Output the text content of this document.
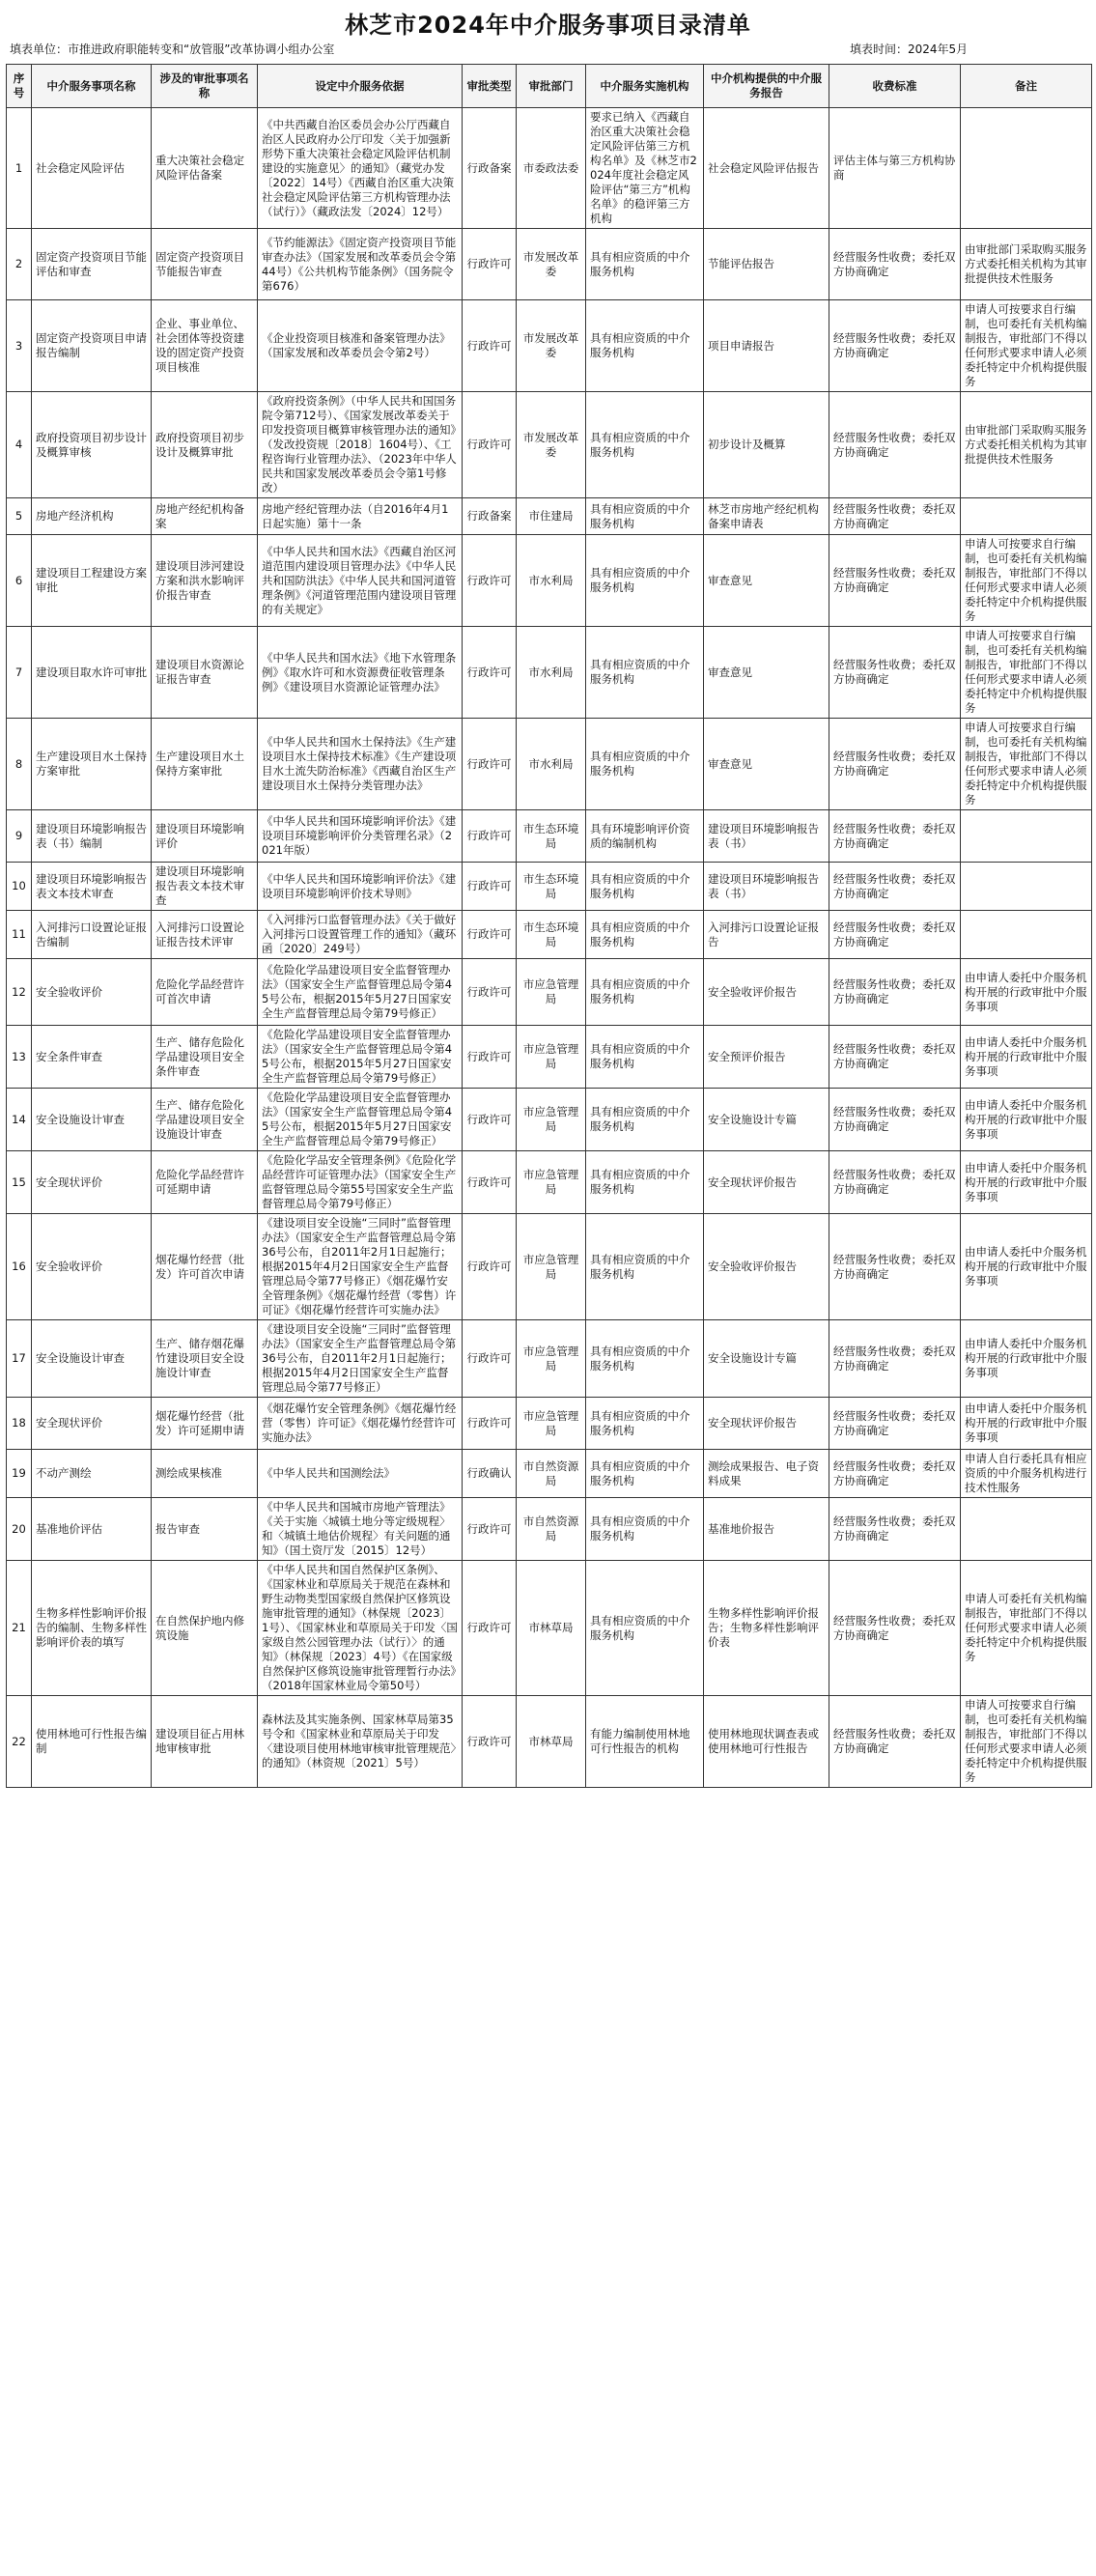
林芝市2024年中介服务事项目录清单
填表单位：市推进政府职能转变和“放管服”改革协调小组办公室	填表时间：2024年5月
序号	中介服务事项名称	涉及的审批事项名称	设定中介服务依据	审批类型	审批部门	中介服务实施机构	中介机构提供的中介服务报告	收费标准	备注
1	社会稳定风险评估	重大决策社会稳定风险评估备案	《中共西藏自治区委员会办公厅西藏自治区人民政府办公厅印发〈关于加强新形势下重大决策社会稳定风险评估机制建设的实施意见〉的通知》（藏党办发〔2022〕14号）《西藏自治区重大决策社会稳定风险评估第三方机构管理办法（试行）》（藏政法发〔2024〕12号）	行政备案	市委政法委	要求已纳入《西藏自治区重大决策社会稳定风险评估第三方机构名单》及《林芝市2024年度社会稳定风险评估“第三方”机构名单》的稳评第三方机构	社会稳定风险评估报告	评估主体与第三方机构协商	
2	固定资产投资项目节能评估和审查	固定资产投资项目节能报告审查	《节约能源法》《固定资产投资项目节能审查办法》（国家发展和改革委员会令第44号）《公共机构节能条例》（国务院令第676）	行政许可	市发展改革委	具有相应资质的中介服务机构	节能评估报告	经营服务性收费；委托双方协商确定	由审批部门采取购买服务方式委托相关机构为其审批提供技术性服务
3	固定资产投资项目申请报告编制	企业、事业单位、社会团体等投资建设的固定资产投资项目核准	《企业投资项目核准和备案管理办法》（国家发展和改革委员会令第2号）	行政许可	市发展改革委	具有相应资质的中介服务机构	项目申请报告	经营服务性收费；委托双方协商确定	申请人可按要求自行编制，也可委托有关机构编制报告，审批部门不得以任何形式要求申请人必须委托特定中介机构提供服务
4	政府投资项目初步设计及概算审核	政府投资项目初步设计及概算审批	《政府投资条例》（中华人民共和国国务院令第712号）、《国家发展改革委关于印发投资项目概算审核管理办法的通知》（发改投资规〔2018〕1604号）、《工程咨询行业管理办法》、（2023年中华人民共和国家发展改革委员会令第1号修改）	行政许可	市发展改革委	具有相应资质的中介服务机构	初步设计及概算	经营服务性收费；委托双方协商确定	由审批部门采取购买服务方式委托相关机构为其审批提供技术性服务
5	房地产经济机构	房地产经纪机构备案	房地产经纪管理办法（自2016年4月1日起实施）第十一条	行政备案	市住建局	具有相应资质的中介服务机构	林芝市房地产经纪机构备案申请表	经营服务性收费；委托双方协商确定	
6	建设项目工程建设方案审批	建设项目涉河建设方案和洪水影响评价报告审查	《中华人民共和国水法》《西藏自治区河道范围内建设项目管理办法》《中华人民共和国防洪法》《中华人民共和国河道管理条例》《河道管理范围内建设项目管理的有关规定》	行政许可	市水利局	具有相应资质的中介服务机构	审查意见	经营服务性收费；委托双方协商确定	申请人可按要求自行编制，也可委托有关机构编制报告，审批部门不得以任何形式要求申请人必须委托特定中介机构提供服务
7	建设项目取水许可审批	建设项目水资源论证报告审查	《中华人民共和国水法》《地下水管理条例》《取水许可和水资源费征收管理条例》《建设项目水资源论证管理办法》	行政许可	市水利局	具有相应资质的中介服务机构	审查意见	经营服务性收费；委托双方协商确定	申请人可按要求自行编制，也可委托有关机构编制报告，审批部门不得以任何形式要求申请人必须委托特定中介机构提供服务
8	生产建设项目水土保持方案审批	生产建设项目水土保持方案审批	《中华人民共和国水土保持法》《生产建设项目水土保持技术标准》《生产建设项目水土流失防治标准》《西藏自治区生产建设项目水土保持分类管理办法》	行政许可	市水利局	具有相应资质的中介服务机构	审查意见	经营服务性收费；委托双方协商确定	申请人可按要求自行编制，也可委托有关机构编制报告，审批部门不得以任何形式要求申请人必须委托特定中介机构提供服务
9	建设项目环境影响报告表（书）编制	建设项目环境影响评价	《中华人民共和国环境影响评价法》《建设项目环境影响评价分类管理名录》（2021年版）	行政许可	市生态环境局	具有环境影响评价资质的编制机构	建设项目环境影响报告表（书）	经营服务性收费；委托双方协商确定	
10	建设项目环境影响报告表文本技术审查	建设项目环境影响报告表文本技术审查	《中华人民共和国环境影响评价法》《建设项目环境影响评价技术导则》	行政许可	市生态环境局	具有相应资质的中介服务机构	建设项目环境影响报告表（书）	经营服务性收费；委托双方协商确定	
11	入河排污口设置论证报告编制	入河排污口设置论证报告技术评审	《入河排污口监督管理办法》《关于做好入河排污口设置管理工作的通知》（藏环函〔2020〕249号）	行政许可	市生态环境局	具有相应资质的中介服务机构	入河排污口设置论证报告	经营服务性收费；委托双方协商确定	
12	安全验收评价	危险化学品经营许可首次申请	《危险化学品建设项目安全监督管理办法》（国家安全生产监督管理总局令第45号公布，根据2015年5月27日国家安全生产监督管理总局令第79号修正）	行政许可	市应急管理局	具有相应资质的中介服务机构	安全验收评价报告	经营服务性收费；委托双方协商确定	由申请人委托中介服务机构开展的行政审批中介服务事项
13	安全条件审查	生产、储存危险化学品建设项目安全条件审查	《危险化学品建设项目安全监督管理办法》（国家安全生产监督管理总局令第45号公布，根据2015年5月27日国家安全生产监督管理总局令第79号修正）	行政许可	市应急管理局	具有相应资质的中介服务机构	安全预评价报告	经营服务性收费；委托双方协商确定	由申请人委托中介服务机构开展的行政审批中介服务事项
14	安全设施设计审查	生产、储存危险化学品建设项目安全设施设计审查	《危险化学品建设项目安全监督管理办法》（国家安全生产监督管理总局令第45号公布，根据2015年5月27日国家安全生产监督管理总局令第79号修正）	行政许可	市应急管理局	具有相应资质的中介服务机构	安全设施设计专篇	经营服务性收费；委托双方协商确定	由申请人委托中介服务机构开展的行政审批中介服务事项
15	安全现状评价	危险化学品经营许可延期申请	《危险化学品安全管理条例》《危险化学品经营许可证管理办法》（国家安全生产监督管理总局令第55号国家安全生产监督管理总局令第79号修正）	行政许可	市应急管理局	具有相应资质的中介服务机构	安全现状评价报告	经营服务性收费；委托双方协商确定	由申请人委托中介服务机构开展的行政审批中介服务事项
16	安全验收评价	烟花爆竹经营（批发）许可首次申请	《建设项目安全设施“三同时”监督管理办法》（国家安全生产监督管理总局令第36号公布，自2011年2月1日起施行；根据2015年4月2日国家安全生产监督管理总局令第77号修正）《烟花爆竹安全管理条例》《烟花爆竹经营（零售）许可证》《烟花爆竹经营许可实施办法》	行政许可	市应急管理局	具有相应资质的中介服务机构	安全验收评价报告	经营服务性收费；委托双方协商确定	由申请人委托中介服务机构开展的行政审批中介服务事项
17	安全设施设计审查	生产、储存烟花爆竹建设项目安全设施设计审查	《建设项目安全设施“三同时”监督管理办法》（国家安全生产监督管理总局令第36号公布，自2011年2月1日起施行；根据2015年4月2日国家安全生产监督管理总局令第77号修正）	行政许可	市应急管理局	具有相应资质的中介服务机构	安全设施设计专篇	经营服务性收费；委托双方协商确定	由申请人委托中介服务机构开展的行政审批中介服务事项
18	安全现状评价	烟花爆竹经营（批发）许可延期申请	《烟花爆竹安全管理条例》《烟花爆竹经营（零售）许可证》《烟花爆竹经营许可实施办法》	行政许可	市应急管理局	具有相应资质的中介服务机构	安全现状评价报告	经营服务性收费；委托双方协商确定	由申请人委托中介服务机构开展的行政审批中介服务事项
19	不动产测绘	测绘成果核准	《中华人民共和国测绘法》	行政确认	市自然资源局	具有相应资质的中介服务机构	测绘成果报告、电子资料成果	经营服务性收费；委托双方协商确定	申请人自行委托具有相应资质的中介服务机构进行技术性服务
20	基准地价评估	报告审查	《中华人民共和国城市房地产管理法》《关于实施〈城镇土地分等定级规程〉和〈城镇土地估价规程〉有关问题的通知》（国土资厅发〔2015〕12号）	行政许可	市自然资源局	具有相应资质的中介服务机构	基准地价报告	经营服务性收费；委托双方协商确定	
21	生物多样性影响评价报告的编制、生物多样性影响评价表的填写	在自然保护地内修筑设施	《中华人民共和国自然保护区条例》、《国家林业和草原局关于规范在森林和野生动物类型国家级自然保护区修筑设施审批管理的通知》（林保规〔2023〕1号）、《国家林业和草原局关于印发〈国家级自然公园管理办法（试行）〉的通知》（林保规〔2023〕4号）《在国家级自然保护区修筑设施审批管理暂行办法》（2018年国家林业局令第50号）	行政许可	市林草局	具有相应资质的中介服务机构	生物多样性影响评价报告；生物多样性影响评价表	经营服务性收费；委托双方协商确定	申请人可委托有关机构编制报告，审批部门不得以任何形式要求申请人必须委托特定中介机构提供服务
22	使用林地可行性报告编制	建设项目征占用林地审核审批	森林法及其实施条例、国家林草局第35号令和《国家林业和草原局关于印发〈建设项目使用林地审核审批管理规范〉的通知》（林资规〔2021〕5号）	行政许可	市林草局	有能力编制使用林地可行性报告的机构	使用林地现状调查表或使用林地可行性报告	经营服务性收费；委托双方协商确定	申请人可按要求自行编制，也可委托有关机构编制报告，审批部门不得以任何形式要求申请人必须委托特定中介机构提供服务
